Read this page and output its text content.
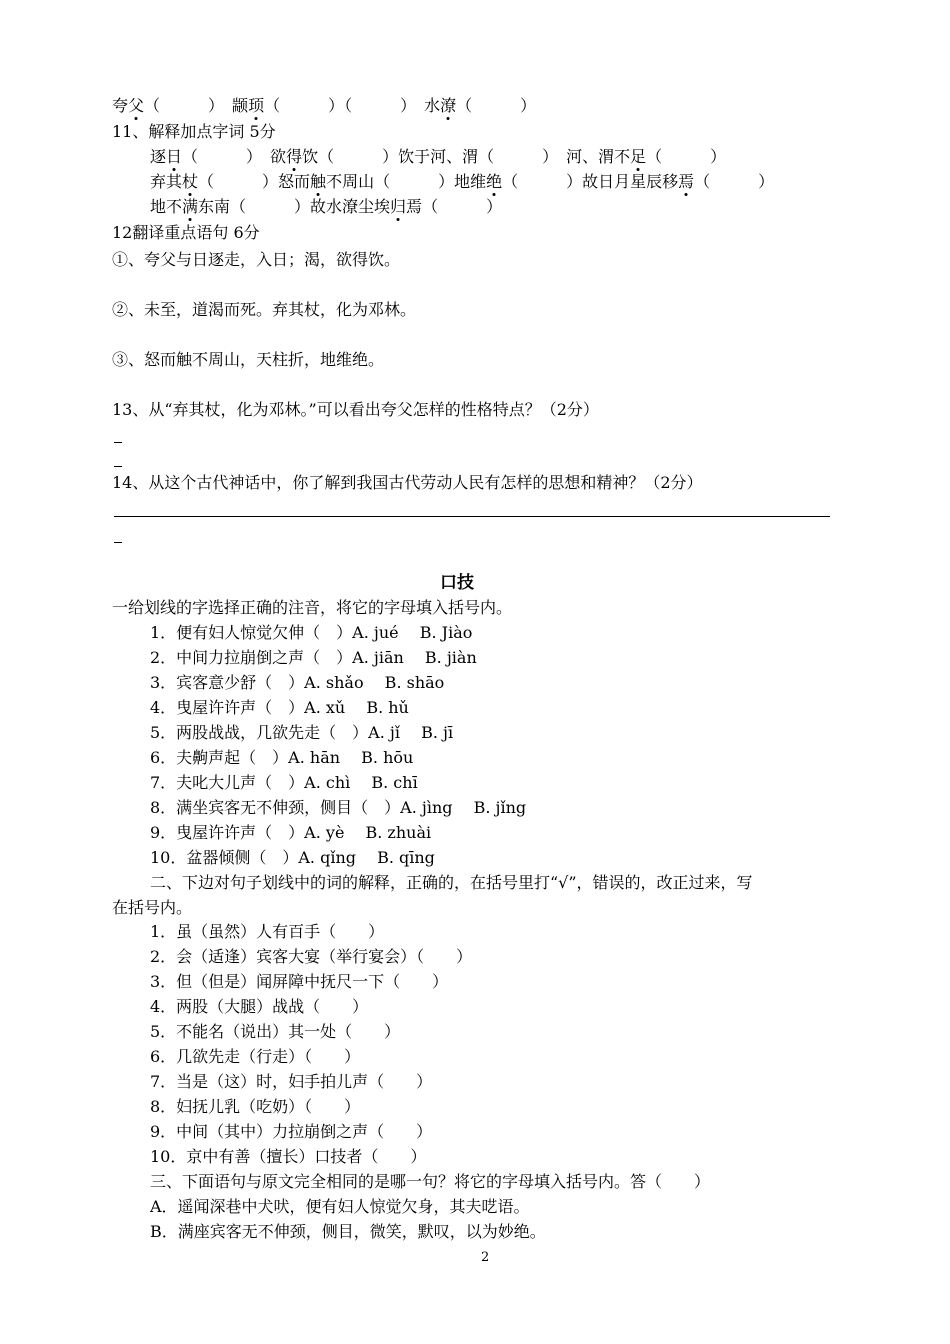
夸父（　　　）　颛顼（　　　）（　　　）　水潦（　　　）
11、解释加点字词 5分
逐日（　　　）　欲得饮（　　　）饮于河、渭（　　　）　河、渭不足（　　　）
弃其杖（　　　）怒而触不周山（　　　）地维绝（　　　）故日月星辰移焉（　　　）
地不满东南（　　　）故水潦尘埃归焉（　　　）
12翻译重点语句 6分
①、夸父与日逐走，入日；渴，欲得饮。
②、未至，道渴而死。弃其杖，化为邓林。
③、怒而触不周山，天柱折，地维绝。
13、从“弃其杖，化为邓林。”可以看出夸父怎样的性格特点？（2分）
14、从这个古代神话中，你了解到我国古代劳动人民有怎样的思想和精神？（2分）
口技
一给划线的字选择正确的注音，将它的字母填入括号内。
1．便有妇人惊觉欠伸（　）A. jué　 B. Jiào
2．中间力拉崩倒之声（　）A. jiān　 B. jiàn
3．宾客意少舒（　）A. shǎo　 B. shāo
4．曳屋许许声（　）A. xǔ　 B. hǔ
5．两股战战，几欲先走（　）A. jǐ　 B. jī
6．夫齁声起（　）A. hān　 B. hōu
7．夫叱大儿声（　）A. chì　 B. chī
8．满坐宾客无不伸颈，侧目（　）A. jìng　 B. jǐng
9．曳屋许许声（　）A. yè　 B. zhuài
10．盆器倾侧（　）A. qǐng　 B. qīng
二、下边对句子划线中的词的解释，正确的，在括号里打“√”，错误的，改正过来，写
在括号内。
1．虽（虽然）人有百手（　　）
2．会（适逢）宾客大宴（举行宴会）（　　）
3．但（但是）闻屏障中抚尺一下（　　）
4．两股（大腿）战战（　　）
5．不能名（说出）其一处（　　）
6．几欲先走（行走）（　　）
7．当是（这）时，妇手拍儿声（　　）
8．妇抚儿乳（吃奶）（　　）
9．中间（其中）力拉崩倒之声（　　）
10．京中有善（擅长）口技者（　　）
三、下面语句与原文完全相同的是哪一句？将它的字母填入括号内。答（　　）
A．遥闻深巷中犬吠，便有妇人惊觉欠身，其夫呓语。
B．满座宾客无不伸颈，侧目，微笑，默叹，以为妙绝。
2
